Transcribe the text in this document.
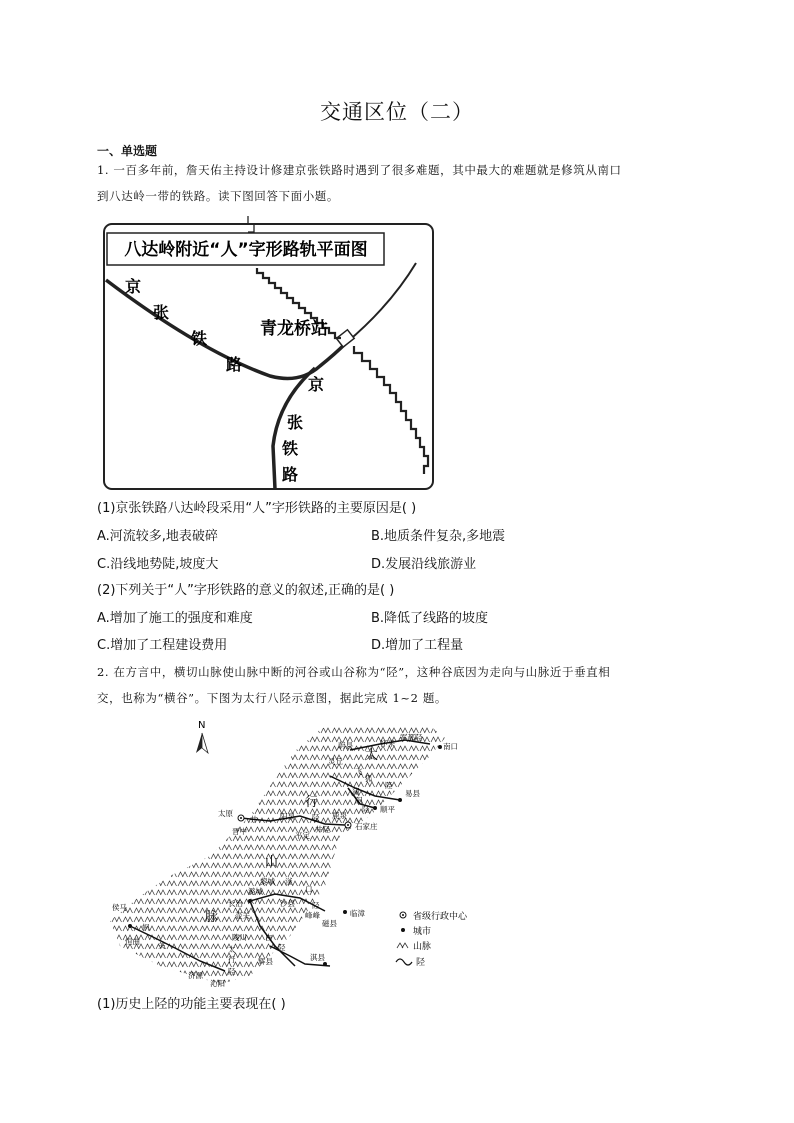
交通区位（二）
一、单选题
1. 一百多年前，詹天佑主持设计修建京张铁路时遇到了很多难题，其中最大的难题就是修筑从南口
到八达岭一带的铁路。读下图回答下面小题。
八达岭附近“人”字形路轨平面图
青龙桥站
京
张
铁
路
京
张
铁
路
(1)京张铁路八达岭段采用“人”字形铁路的主要原因是( )
A.河流较多,地表破碎	B.地质条件复杂,多地震
C.沿线地势陡,坡度大	D.发展沿线旅游业
(2)下列关于“人”字形铁路的意义的叙述,正确的是( )
A.增加了施工的强度和难度	B.降低了线路的坡度
C.增加了工程建设费用	D.增加了工程量
2. 在方言中，横切山脉使山脉中断的河谷或山谷称为“陉”，这种谷底因为走向与山脉近于垂直相
交，也称为“横谷”。下图为太行八陉示意图，据此完成 1~2 题。
N
太
行
山
脉
南口
军都陉
怀来
蔚县
灵丘
飞
狐
陉
易县
蒲
阴
陉 顺平
太原
井	阳泉 陉 鹿泉
石家庄
晋中	平定
井陉
黎城 滏
潞城	口
长治	沙县 陉
临漳
壶关	峰峰
磁县
侯马
轵
陵川 白
陉
恒曲 关	太
行	辉县	淇县
济源	陉
沁阳
省级行政中心
城市
山脉
陉
(1)历史上陉的功能主要表现在( )
